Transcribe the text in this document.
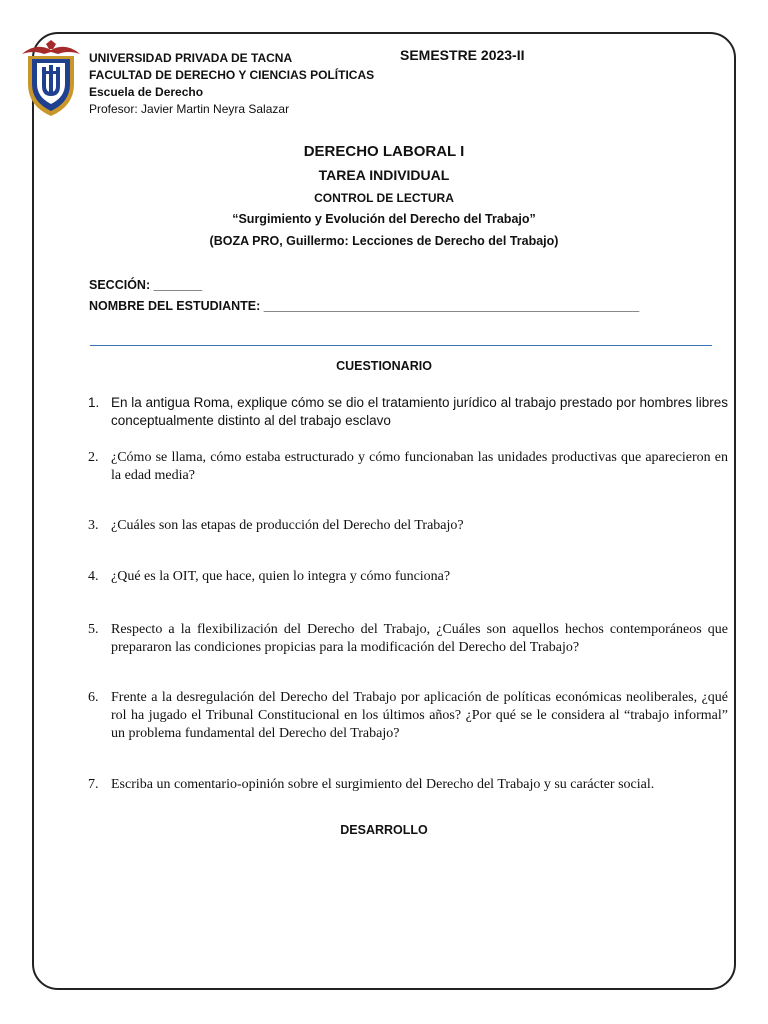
UNIVERSIDAD PRIVADA DE TACNA
FACULTAD DE DERECHO Y CIENCIAS POLÍTICAS
Escuela de Derecho
Profesor: Javier Martin Neyra Salazar
SEMESTRE 2023-II
DERECHO LABORAL I
TAREA INDIVIDUAL
CONTROL DE LECTURA
“Surgimiento y Evolución del Derecho del Trabajo”
(BOZA PRO, Guillermo: Lecciones de Derecho del Trabajo)
SECCIÓN: _______
NOMBRE DEL ESTUDIANTE: ______________________________________________________
CUESTIONARIO
1. En la antigua Roma, explique cómo se dio el tratamiento jurídico al trabajo prestado por hombres libres conceptualmente distinto al del trabajo esclavo
2. ¿Cómo se llama, cómo estaba estructurado y cómo funcionaban las unidades productivas que aparecieron en la edad media?
3. ¿Cuáles son las etapas de producción del Derecho del Trabajo?
4. ¿Qué es la OIT, que hace, quien lo integra y cómo funciona?
5. Respecto a la flexibilización del Derecho del Trabajo, ¿Cuáles son aquellos hechos contemporáneos que prepararon las condiciones propicias para la modificación del Derecho del Trabajo?
6. Frente a la desregulación del Derecho del Trabajo por aplicación de políticas económicas neoliberales, ¿qué rol ha jugado el Tribunal Constitucional en los últimos años? ¿Por qué se le considera al “trabajo informal” un problema fundamental del Derecho del Trabajo?
7. Escriba un comentario-opinión sobre el surgimiento del Derecho del Trabajo y su carácter social.
DESARROLLO
